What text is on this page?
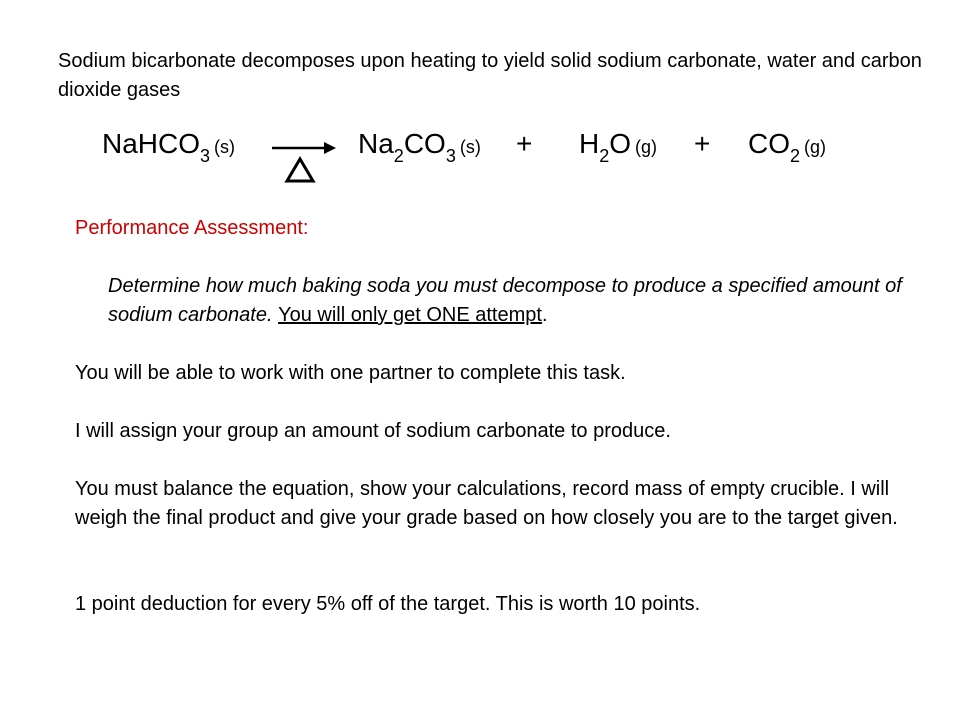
Sodium bicarbonate decomposes upon heating to yield solid sodium carbonate, water and carbon dioxide gases
NaHCO$_3$ $(s) \to Na_2CO_3$ $(s) + H_2O$ $(g) + CO_2$ (g)
Performance Assessment:
Determine how much baking soda you must decompose to produce a specified amount of sodium carbonate. You will only get ONE attempt.
You will be able to work with one partner to complete this task.
I will assign your group an amount of sodium carbonate to produce.
You must balance the equation, show your calculations, record mass of empty crucible. I will weigh the final product and give your grade based on how closely you are to the target given.
1 point deduction for every 5% off of the target. This is worth 10 points.
